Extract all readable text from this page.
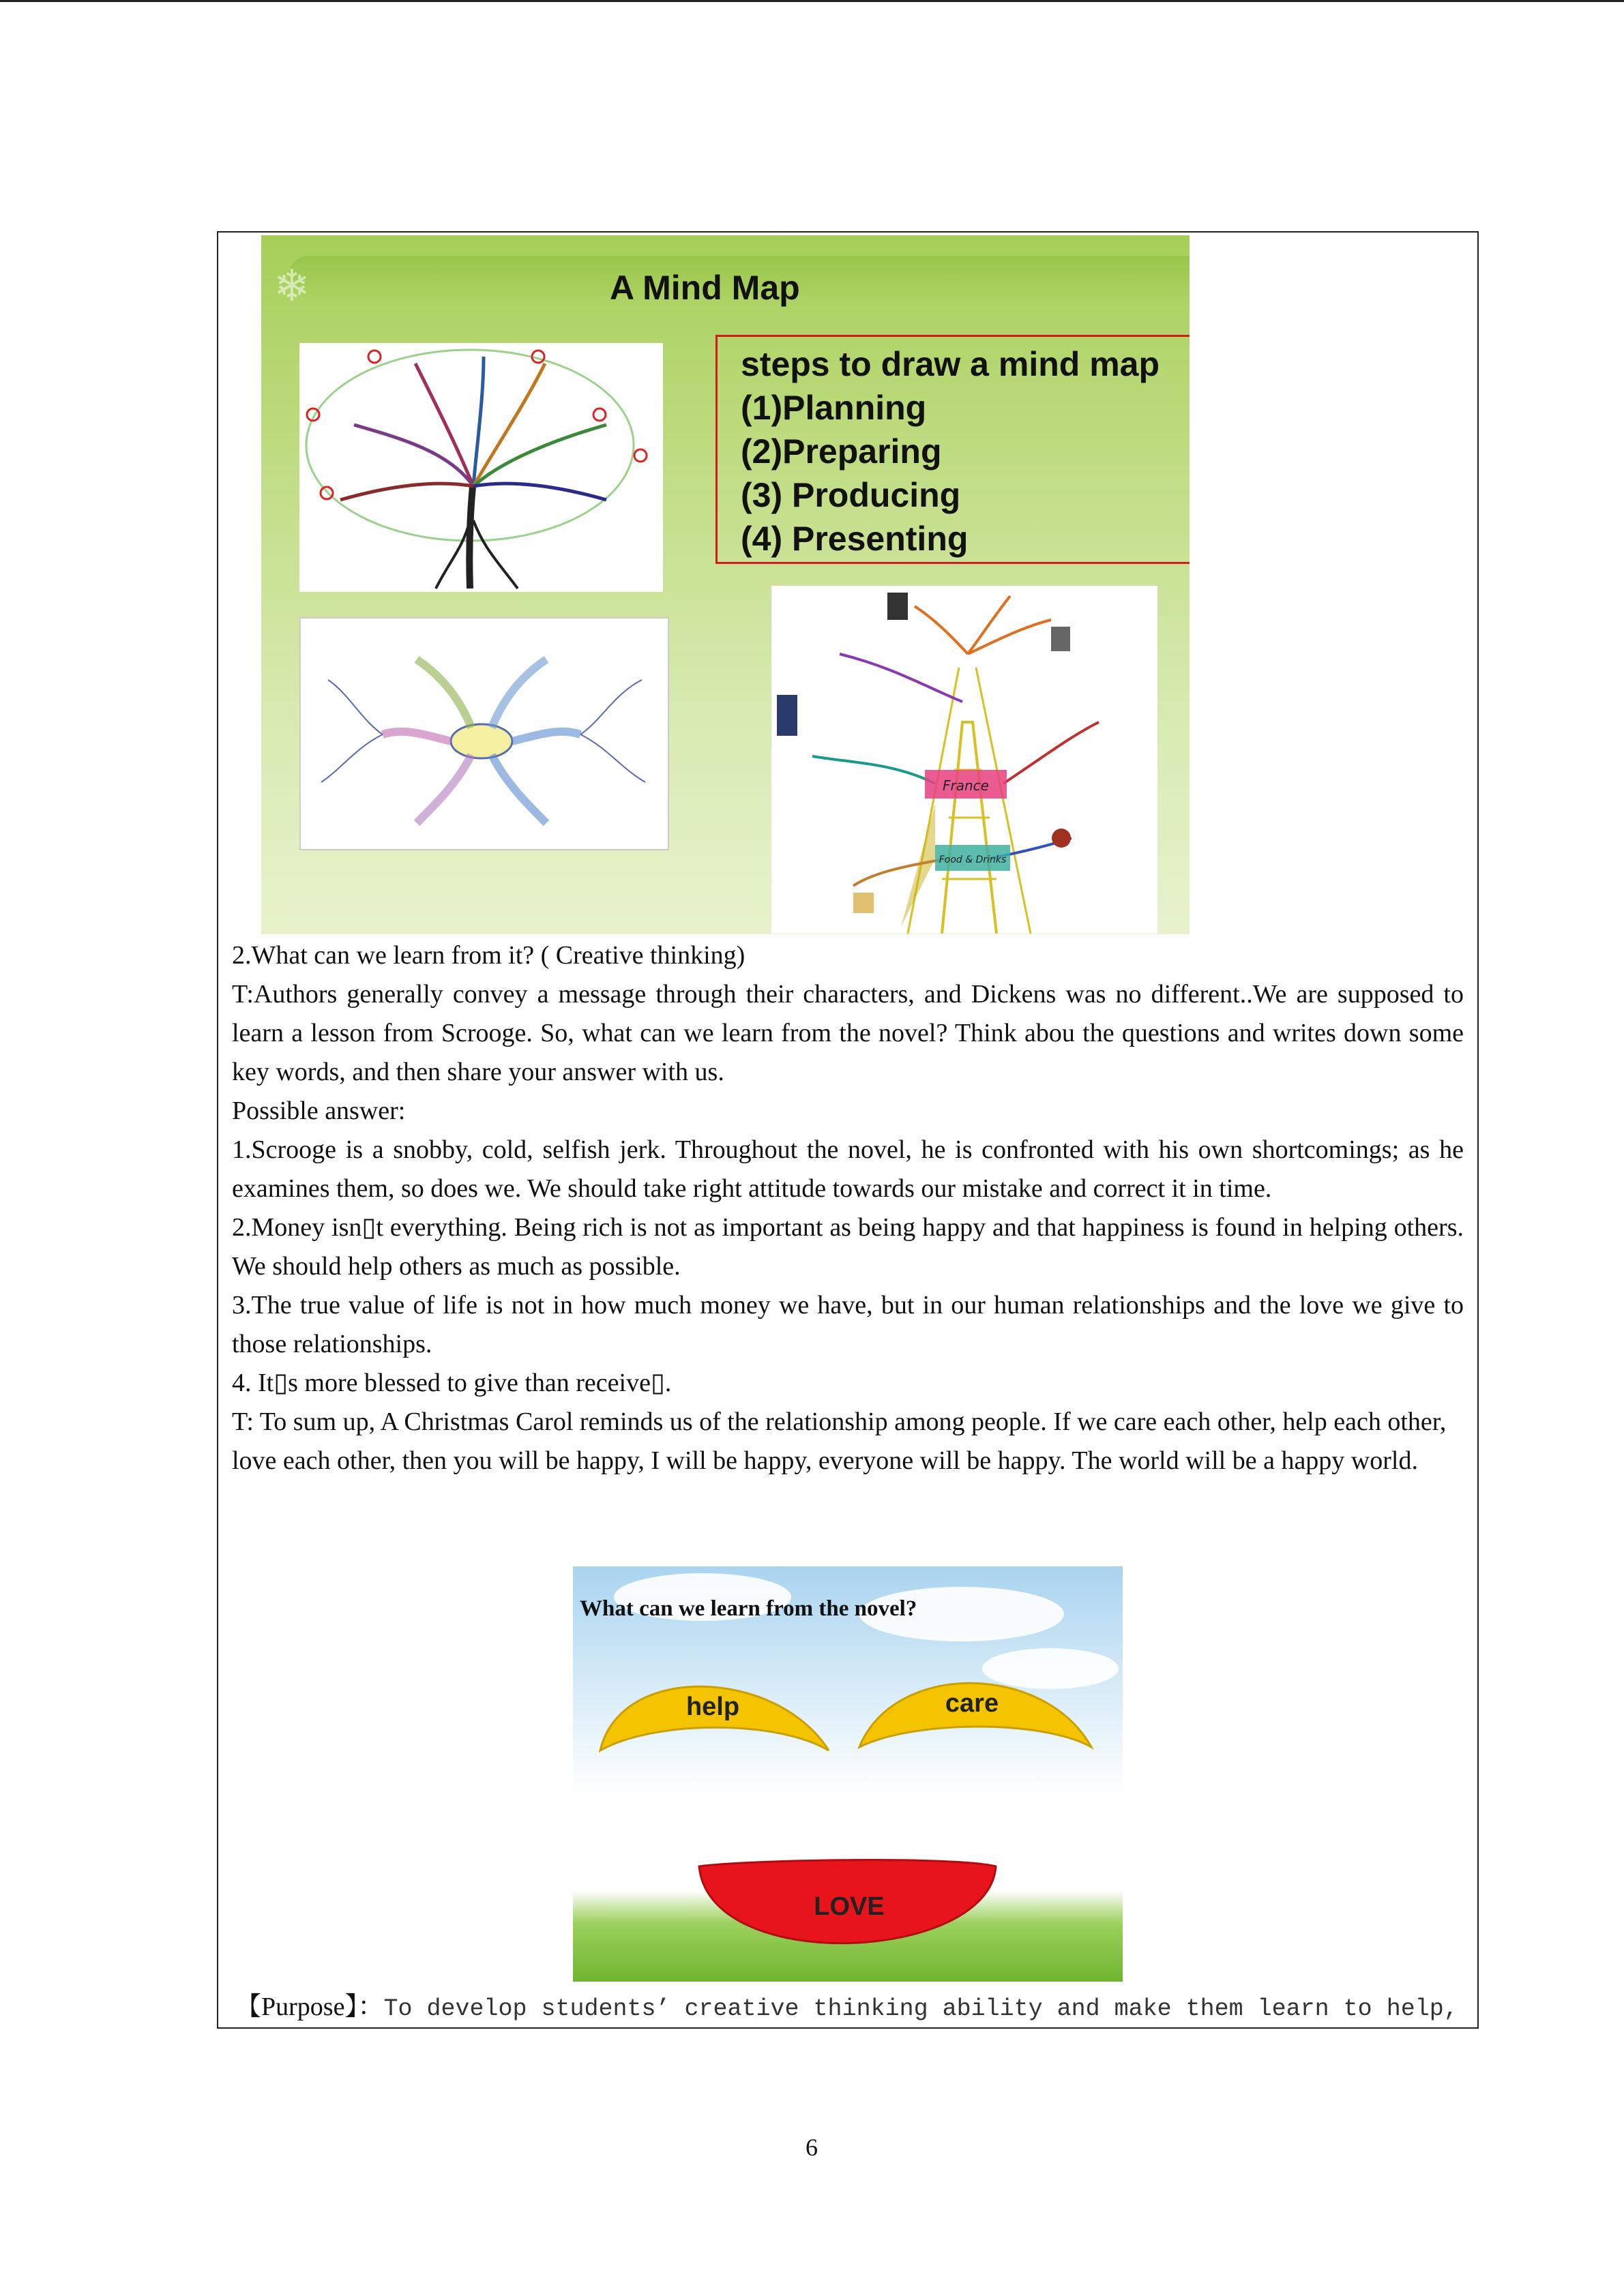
❄	A Mind Map
steps to draw a mind map
(1)Planning
(2)Preparing
(3) Producing
(4) Presenting
France
Food & Drinks

2.What can we learn from it? ( Creative thinking)

T:Authors generally convey a message through their characters, and Dickens was no different..We are supposed to learn a lesson from Scrooge. So, what can we learn from the novel? Think abou the questions and writes down some key words, and then share your answer with us.

Possible answer:

1.Scrooge is a snobby, cold, selfish jerk. Throughout the novel, he is confronted with his own shortcomings; as he examines them, so does we. We should take right attitude towards our mistake and correct it in time.

2.Money isn▯t everything. Being rich is not as important as being happy and that happiness is found in helping others. We should help others as much as possible.

3.The true value of life is not in how much money we have, but in our human relationships and the love we give to those relationships.

4. It▯s more blessed to give than receive▯.

T: To sum up, A Christmas Carol reminds us of the relationship among people. If we care each other, help each other, love each other, then you will be happy, I will be happy, everyone will be happy. The world will be a happy world.

What can we learn from the novel?
help	care
LOVE
【Purpose】：To develop students’ creative thinking ability and make them learn to help,
6
